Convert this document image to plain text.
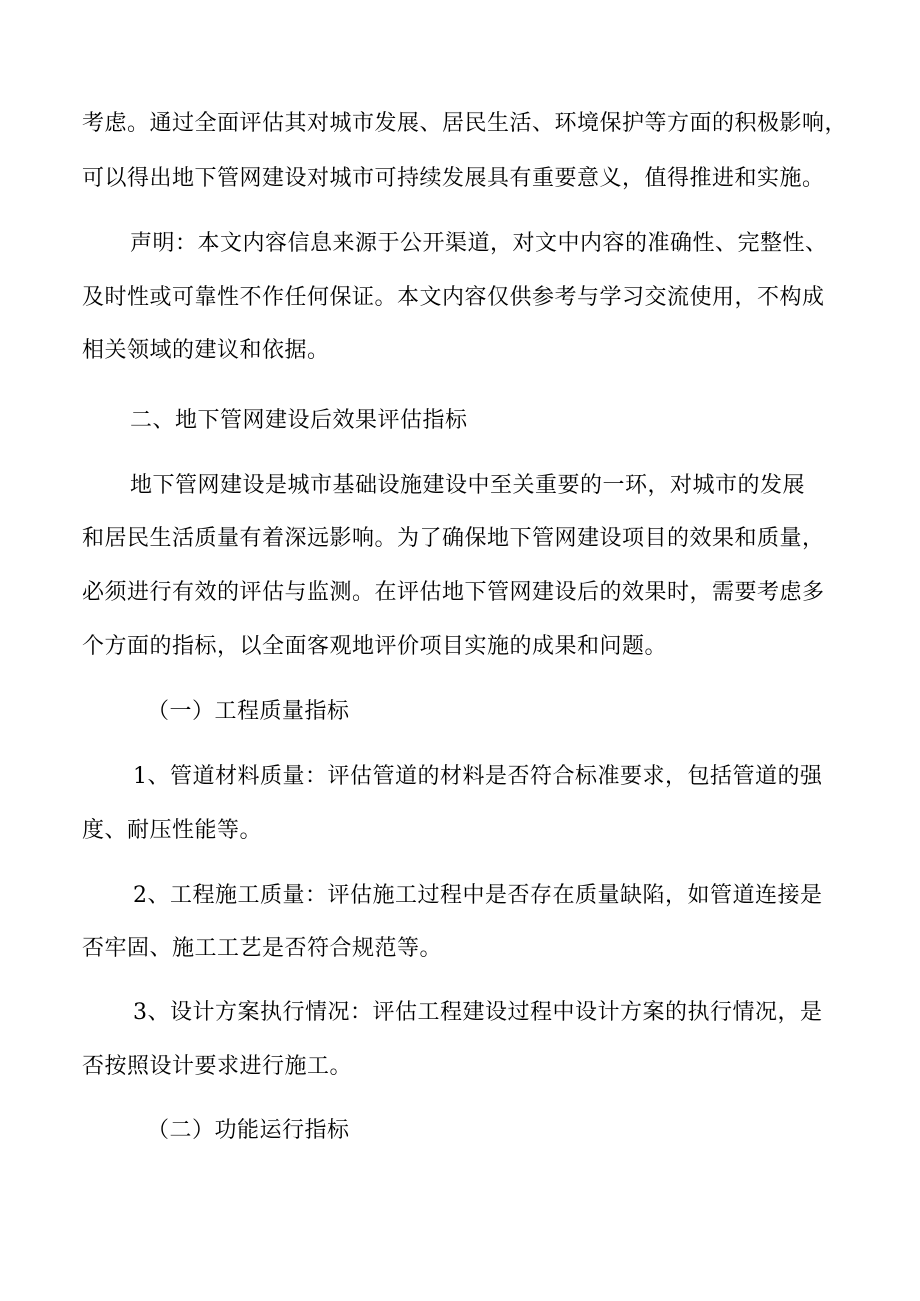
考虑。通过全面评估其对城市发展、居民生活、环境保护等方面的积极影响，

可以得出地下管网建设对城市可持续发展具有重要意义，值得推进和实施。

声明：本文内容信息来源于公开渠道，对文中内容的准确性、完整性、

及时性或可靠性不作任何保证。本文内容仅供参考与学习交流使用，不构成

相关领域的建议和依据。

二、地下管网建设后效果评估指标

地下管网建设是城市基础设施建设中至关重要的一环，对城市的发展

和居民生活质量有着深远影响。为了确保地下管网建设项目的效果和质量，

必须进行有效的评估与监测。在评估地下管网建设后的效果时，需要考虑多

个方面的指标，以全面客观地评价项目实施的成果和问题。

（一）工程质量指标

1、管道材料质量：评估管道的材料是否符合标准要求，包括管道的强

度、耐压性能等。

2、工程施工质量：评估施工过程中是否存在质量缺陷，如管道连接是

否牢固、施工工艺是否符合规范等。

3、设计方案执行情况：评估工程建设过程中设计方案的执行情况，是

否按照设计要求进行施工。

（二）功能运行指标
